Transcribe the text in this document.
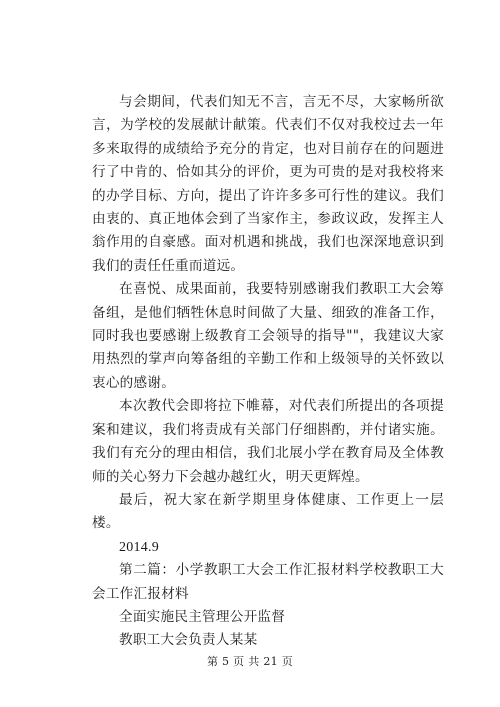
与会期间，代表们知无不言，言无不尽，大家畅所欲言，为学校的发展献计献策。代表们不仅对我校过去一年多来取得的成绩给予充分的肯定，也对目前存在的问题进行了中肯的、恰如其分的评价，更为可贵的是对我校将来的办学目标、方向，提出了许许多多可行性的建议。我们由衷的、真正地体会到了当家作主，参政议政，发挥主人翁作用的自豪感。面对机遇和挑战，我们也深深地意识到我们的责任任重而道远。

在喜悦、成果面前，我要特别感谢我们教职工大会筹备组，是他们牺牲休息时间做了大量、细致的准备工作，同时我也要感谢上级教育工会领导的指导""，我建议大家用热烈的掌声向筹备组的辛勤工作和上级领导的关怀致以衷心的感谢。

本次教代会即将拉下帷幕，对代表们所提出的各项提案和建议，我们将责成有关部门仔细斟酌，并付诸实施。我们有充分的理由相信，我们北展小学在教育局及全体教师的关心努力下会越办越红火，明天更辉煌。

最后，祝大家在新学期里身体健康、工作更上一层楼。

2014.9

第二篇：小学教职工大会工作汇报材料学校教职工大会工作汇报材料

全面实施民主管理公开监督

教职工大会负责人某某

第 5 页 共 21 页
